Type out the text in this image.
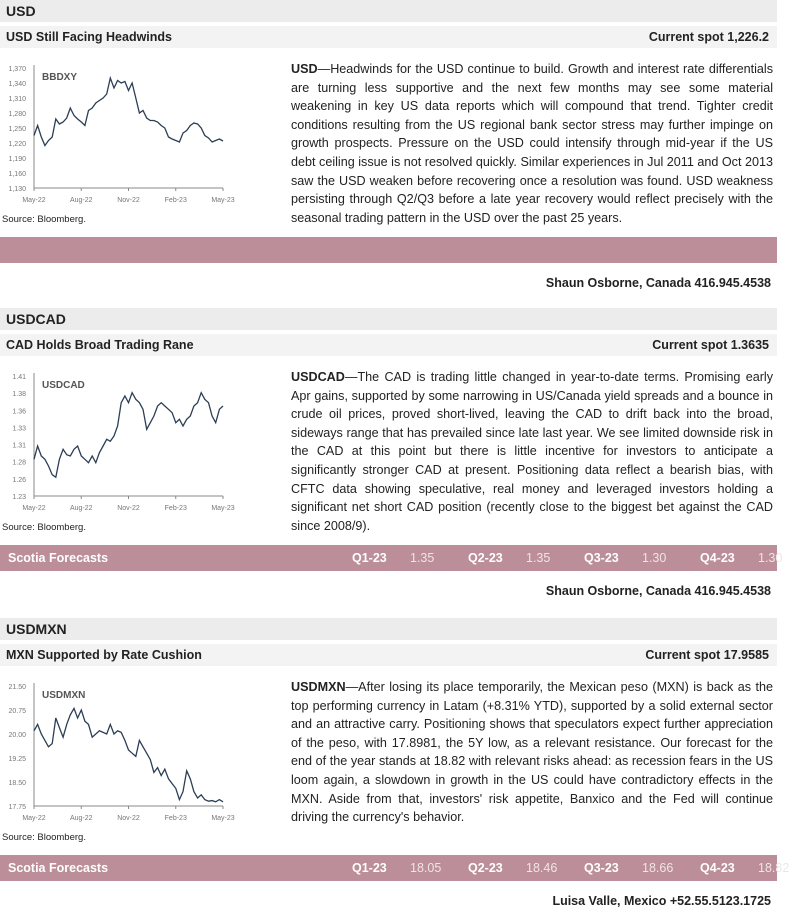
USD
USD Still Facing Headwinds	Current spot 1,226.2
1,130
1,160
1,190
1,220
1,250
1,280
1,310
1,340
1,370
May-22	Aug-22	Nov-22	Feb-23	May-23
BBDXY
Source: Bloomberg.
USD—Headwinds for the USD continue to build. Growth and interest rate differentials are turning less supportive and the next few months may see some material weakening in key US data reports which will compound that trend. Tighter credit conditions resulting from the US regional bank sector stress may further impinge on growth prospects. Pressure on the USD could intensify through mid-year if the US debt ceiling issue is not resolved quickly. Similar experiences in Jul 2011 and Oct 2013 saw the USD weaken before recovering once a resolution was found. USD weakness persisting through Q2/Q3 before a late year recovery would reflect precisely with the seasonal trading pattern in the USD over the past 25 years.
Shaun Osborne, Canada 416.945.4538
USDCAD
CAD Holds Broad Trading Rane	Current spot 1.3635
1.23
1.26
1.28
1.31
1.33
1.36
1.38
1.41
May-22	Aug-22	Nov-22	Feb-23	May-23
USDCAD
Source: Bloomberg.
USDCAD—The CAD is trading little changed in year-to-date terms. Promising early Apr gains, supported by some narrowing in US/Canada yield spreads and a bounce in crude oil prices, proved short-lived, leaving the CAD to drift back into the broad, sideways range that has prevailed since late last year. We see limited downside risk in the CAD at this point but there is little incentive for investors to anticipate a significantly stronger CAD at present. Positioning data reflect a bearish bias, with CFTC data showing speculative, real money and leveraged investors holding a significant net short CAD position (recently close to the biggest bet against the CAD since 2008/9).
Scotia Forecasts	Q1-23 1.35	Q2-23 1.35	Q3-23 1.30	Q4-23 1.30
Shaun Osborne, Canada 416.945.4538
USDMXN
MXN Supported by Rate Cushion	Current spot 17.9585
17.75
18.50
19.25
20.00
20.75
21.50
May-22	Aug-22	Nov-22	Feb-23	May-23
USDMXN
Source: Bloomberg.
USDMXN—After losing its place temporarily, the Mexican peso (MXN) is back as the top performing currency in Latam (+8.31% YTD), supported by a solid external sector and an attractive carry. Positioning shows that speculators expect further appreciation of the peso, with 17.8981, the 5Y low, as a relevant resistance. Our forecast for the end of the year stands at 18.82 with relevant risks ahead: as recession fears in the US loom again, a slowdown in growth in the US could have contradictory effects in the MXN. Aside from that, investors' risk appetite, Banxico and the Fed will continue driving the currency's behavior.
Scotia Forecasts	Q1-23 18.05 Q2-23 18.46 Q3-23 18.66 Q4-23 18.82
Luisa Valle, Mexico +52.55.5123.1725
